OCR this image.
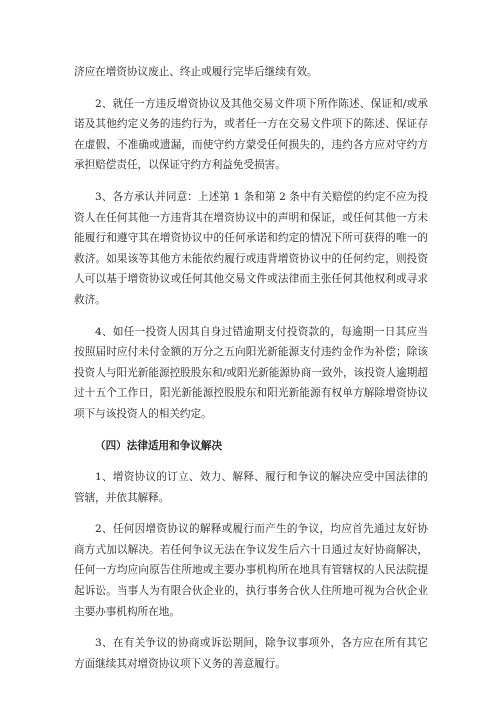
济应在增资协议废止、终止或履行完毕后继续有效。

2、就任一方违反增资协议及其他交易文件项下所作陈述、保证和/或承诺及其他约定义务的违约行为，或者任一方在交易文件项下的陈述、保证存在虚假、不准确或遗漏，而使守约方蒙受任何损失的，违约各方应对守约方承担赔偿责任，以保证守约方利益免受损害。

3、各方承认并同意：上述第 1 条和第 2 条中有关赔偿的约定不应为投资人在任何其他一方违背其在增资协议中的声明和保证，或任何其他一方未能履行和遵守其在增资协议中的任何承诺和约定的情况下所可获得的唯一的救济。如果该等其他方未能依约履行或违背增资协议中的任何约定，则投资人可以基于增资协议或任何其他交易文件或法律而主张任何其他权利或寻求救济。

4、如任一投资人因其自身过错逾期支付投资款的，每逾期一日其应当按照届时应付未付金额的万分之五向阳光新能源支付违约金作为补偿；除该投资人与阳光新能源控股股东和/或阳光新能源协商一致外，该投资人逾期超过十五个工作日，阳光新能源控股股东和阳光新能源有权单方解除增资协议项下与该投资人的相关约定。

（四）法律适用和争议解决

1、增资协议的订立、效力、解释、履行和争议的解决应受中国法律的管辖，并依其解释。

2、任何因增资协议的解释或履行而产生的争议，均应首先通过友好协商方式加以解决。若任何争议无法在争议发生后六十日通过友好协商解决，任何一方均应向原告住所地或主要办事机构所在地具有管辖权的人民法院提起诉讼。当事人为有限合伙企业的，执行事务合伙人住所地可视为合伙企业主要办事机构所在地。

3、在有关争议的协商或诉讼期间，除争议事项外，各方应在所有其它方面继续其对增资协议项下义务的善意履行。
